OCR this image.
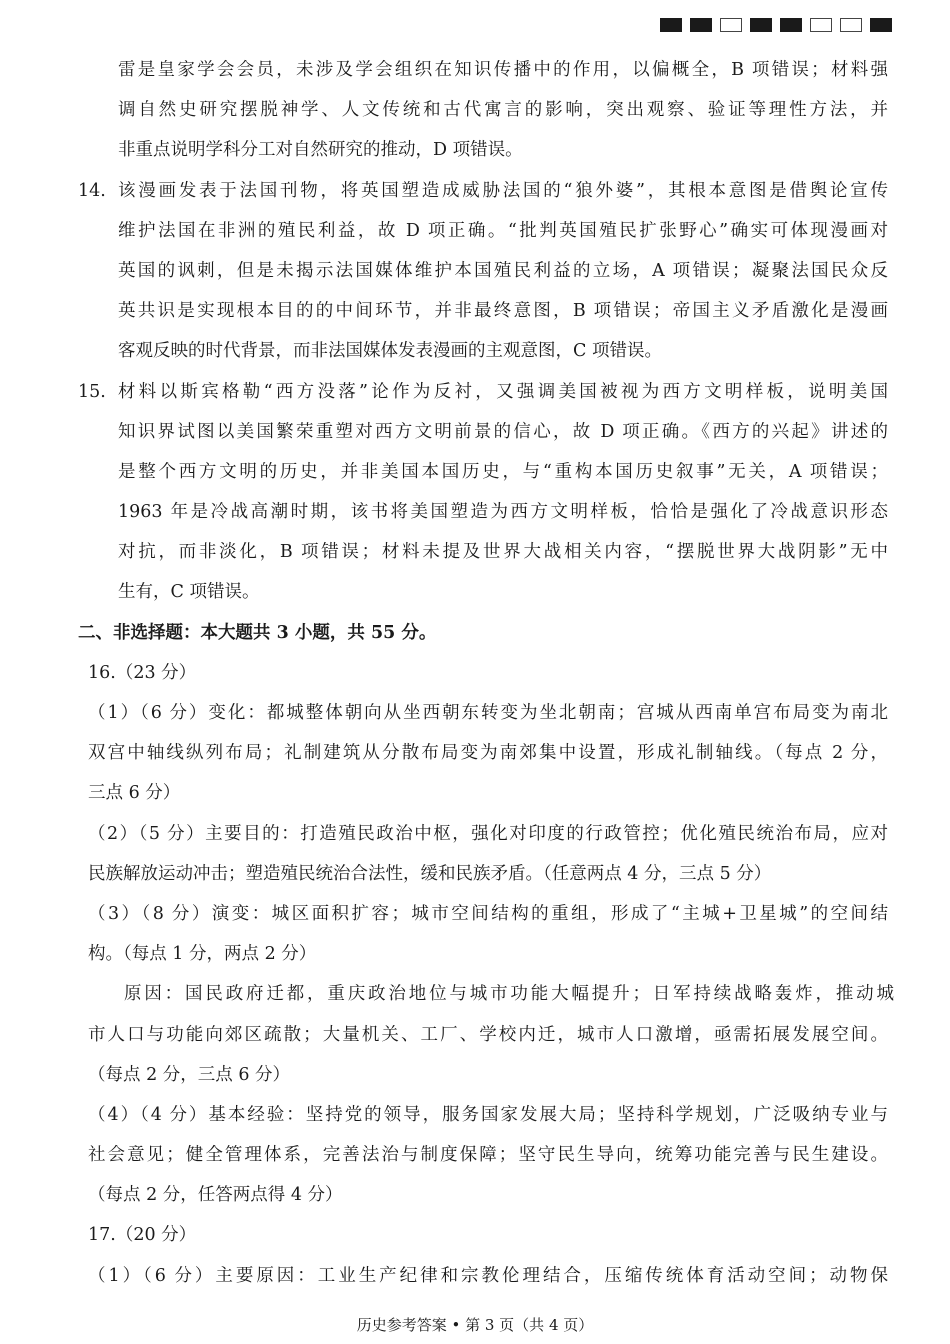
雷是皇家学会会员，未涉及学会组织在知识传播中的作用，以偏概全，B 项错误；材料强
调自然史研究摆脱神学、人文传统和古代寓言的影响，突出观察、验证等理性方法，并
非重点说明学科分工对自然研究的推动，D 项错误。
14. 该漫画发表于法国刊物，将英国塑造成威胁法国的“狼外婆”，其根本意图是借舆论宣传
维护法国在非洲的殖民利益，故 D 项正确。“批判英国殖民扩张野心”确实可体现漫画对
英国的讽刺，但是未揭示法国媒体维护本国殖民利益的立场，A 项错误；凝聚法国民众反
英共识是实现根本目的的中间环节，并非最终意图，B 项错误；帝国主义矛盾激化是漫画
客观反映的时代背景，而非法国媒体发表漫画的主观意图，C 项错误。
15. 材料以斯宾格勒“西方没落”论作为反衬，又强调美国被视为西方文明样板，说明美国
知识界试图以美国繁荣重塑对西方文明前景的信心，故 D 项正确。《西方的兴起》讲述的
是整个西方文明的历史，并非美国本国历史，与“重构本国历史叙事”无关，A 项错误；
1963 年是冷战高潮时期，该书将美国塑造为西方文明样板，恰恰是强化了冷战意识形态
对抗，而非淡化，B 项错误；材料未提及世界大战相关内容，“摆脱世界大战阴影”无中
生有，C 项错误。
二、非选择题：本大题共 3 小题，共 55 分。
16.（23 分）
（1）（6 分）变化：都城整体朝向从坐西朝东转变为坐北朝南；宫城从西南单宫布局变为南北
双宫中轴线纵列布局；礼制建筑从分散布局变为南郊集中设置，形成礼制轴线。（每点 2 分，
三点 6 分）
（2）（5 分）主要目的：打造殖民政治中枢，强化对印度的行政管控；优化殖民统治布局，应对
民族解放运动冲击；塑造殖民统治合法性，缓和民族矛盾。（任意两点 4 分，三点 5 分）
（3）（8 分）演变：城区面积扩容；城市空间结构的重组，形成了“主城+卫星城”的空间结
构。（每点 1 分，两点 2 分）
原因：国民政府迁都，重庆政治地位与城市功能大幅提升；日军持续战略轰炸，推动城
市人口与功能向郊区疏散；大量机关、工厂、学校内迁，城市人口激增，亟需拓展发展空间。
（每点 2 分，三点 6 分）
（4）（4 分）基本经验：坚持党的领导，服务国家发展大局；坚持科学规划，广泛吸纳专业与
社会意见；健全管理体系，完善法治与制度保障；坚守民生导向，统筹功能完善与民生建设。
（每点 2 分，任答两点得 4 分）
17.（20 分）
（1）（6 分）主要原因：工业生产纪律和宗教伦理结合，压缩传统体育活动空间；动物保
历史参考答案 • 第 3 页（共 4 页）
